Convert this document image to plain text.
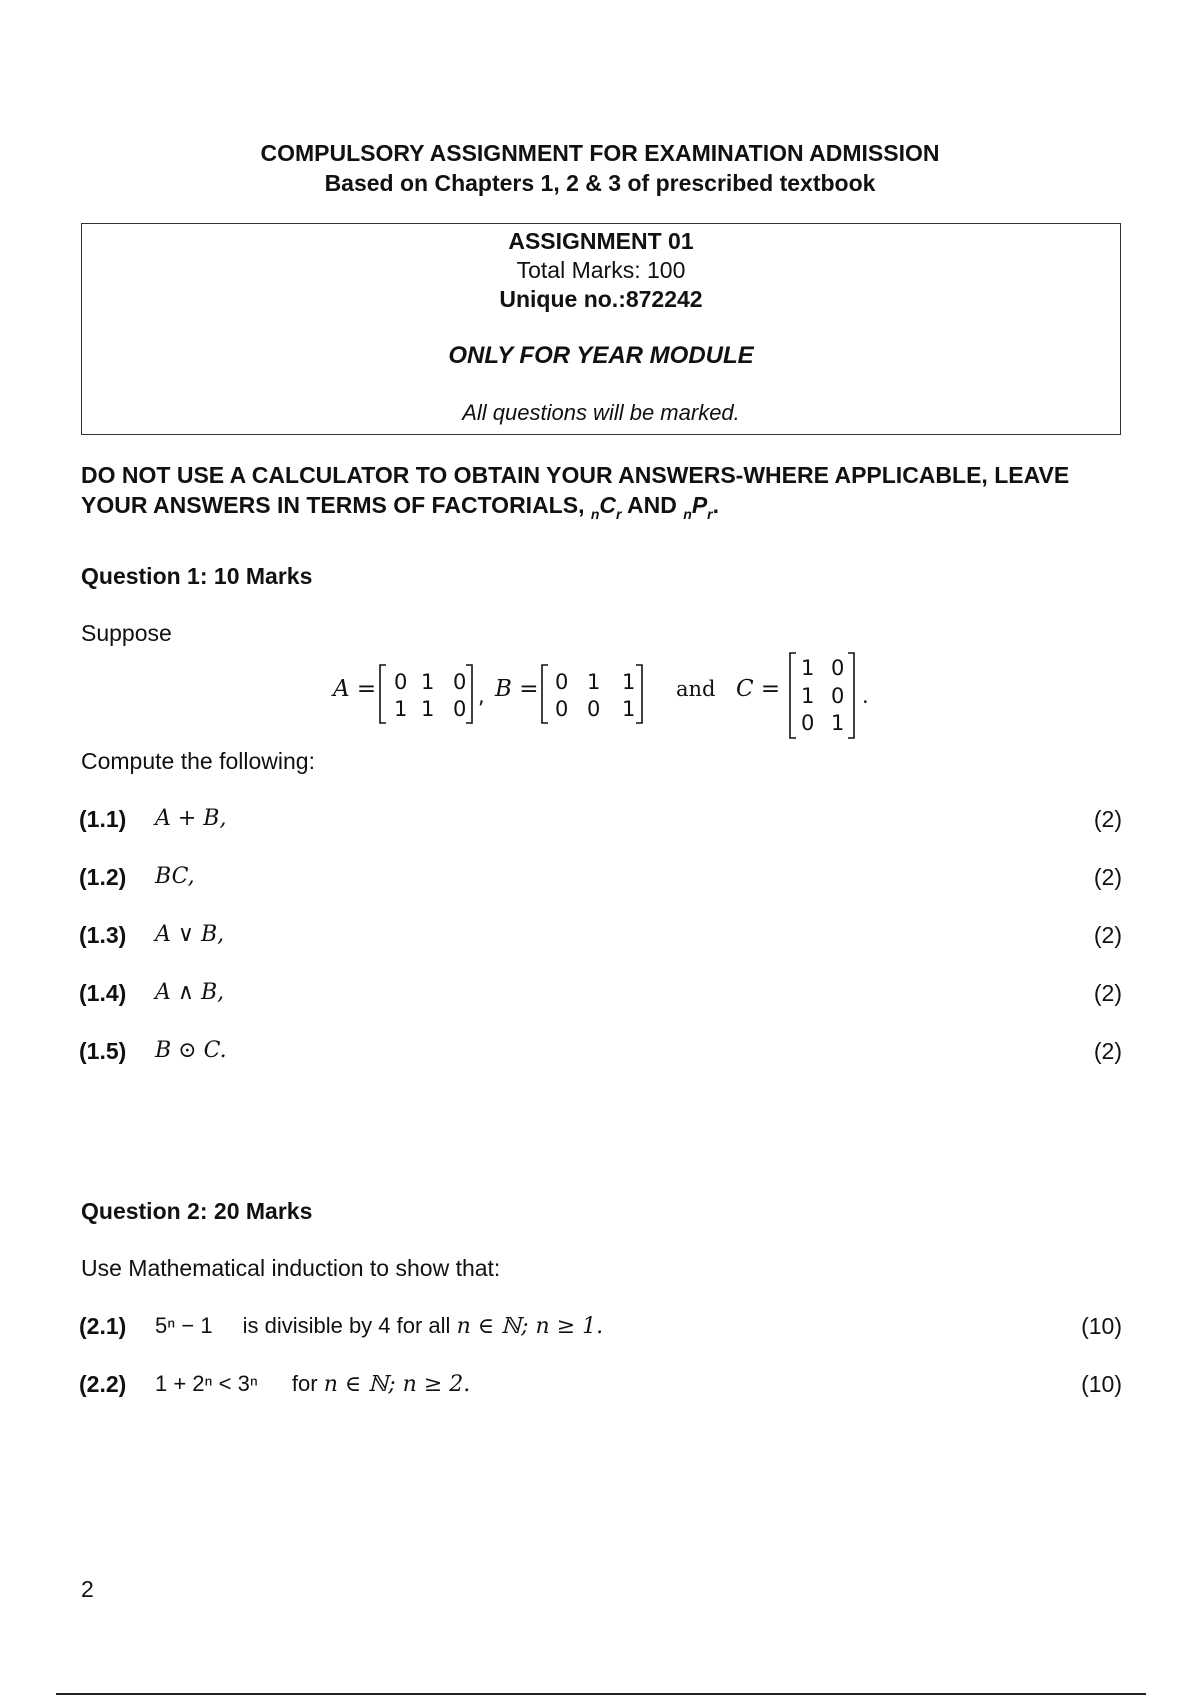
COMPULSORY ASSIGNMENT FOR EXAMINATION ADMISSION
Based on Chapters 1, 2 & 3 of prescribed textbook
ASSIGNMENT 01
Total Marks: 100
Unique no.:872242
ONLY FOR YEAR MODULE
All questions will be marked.
DO NOT USE A CALCULATOR TO OBTAIN YOUR ANSWERS-WHERE APPLICABLE, LEAVE
YOUR ANSWERS IN TERMS OF FACTORIALS, $_nC_r$ AND $_nP_r$.
Question 1: 10 Marks
Suppose
A = 0 1 0
1 1 0
, B = 0 1 1
0 0 1
and C =
1 0
1 0
0 1
.
Compute the following:
(1.1) A + B,	(2)
(1.2) BC,	(2)
(1.3) A ∨ B,	(2)
(1.4) A ∧ B,	(2)
(1.5) B ⊙ C.	(2)
Question 2: 20 Marks
Use Mathematical induction to show that:
(2.1) 5ⁿ − 1 is divisible by 4 for all n ∈ ℕ; n ≥ 1.	(10)
(2.2) 1 + 2ⁿ < 3ⁿ for n ∈ ℕ; n ≥ 2.	(10)
2
